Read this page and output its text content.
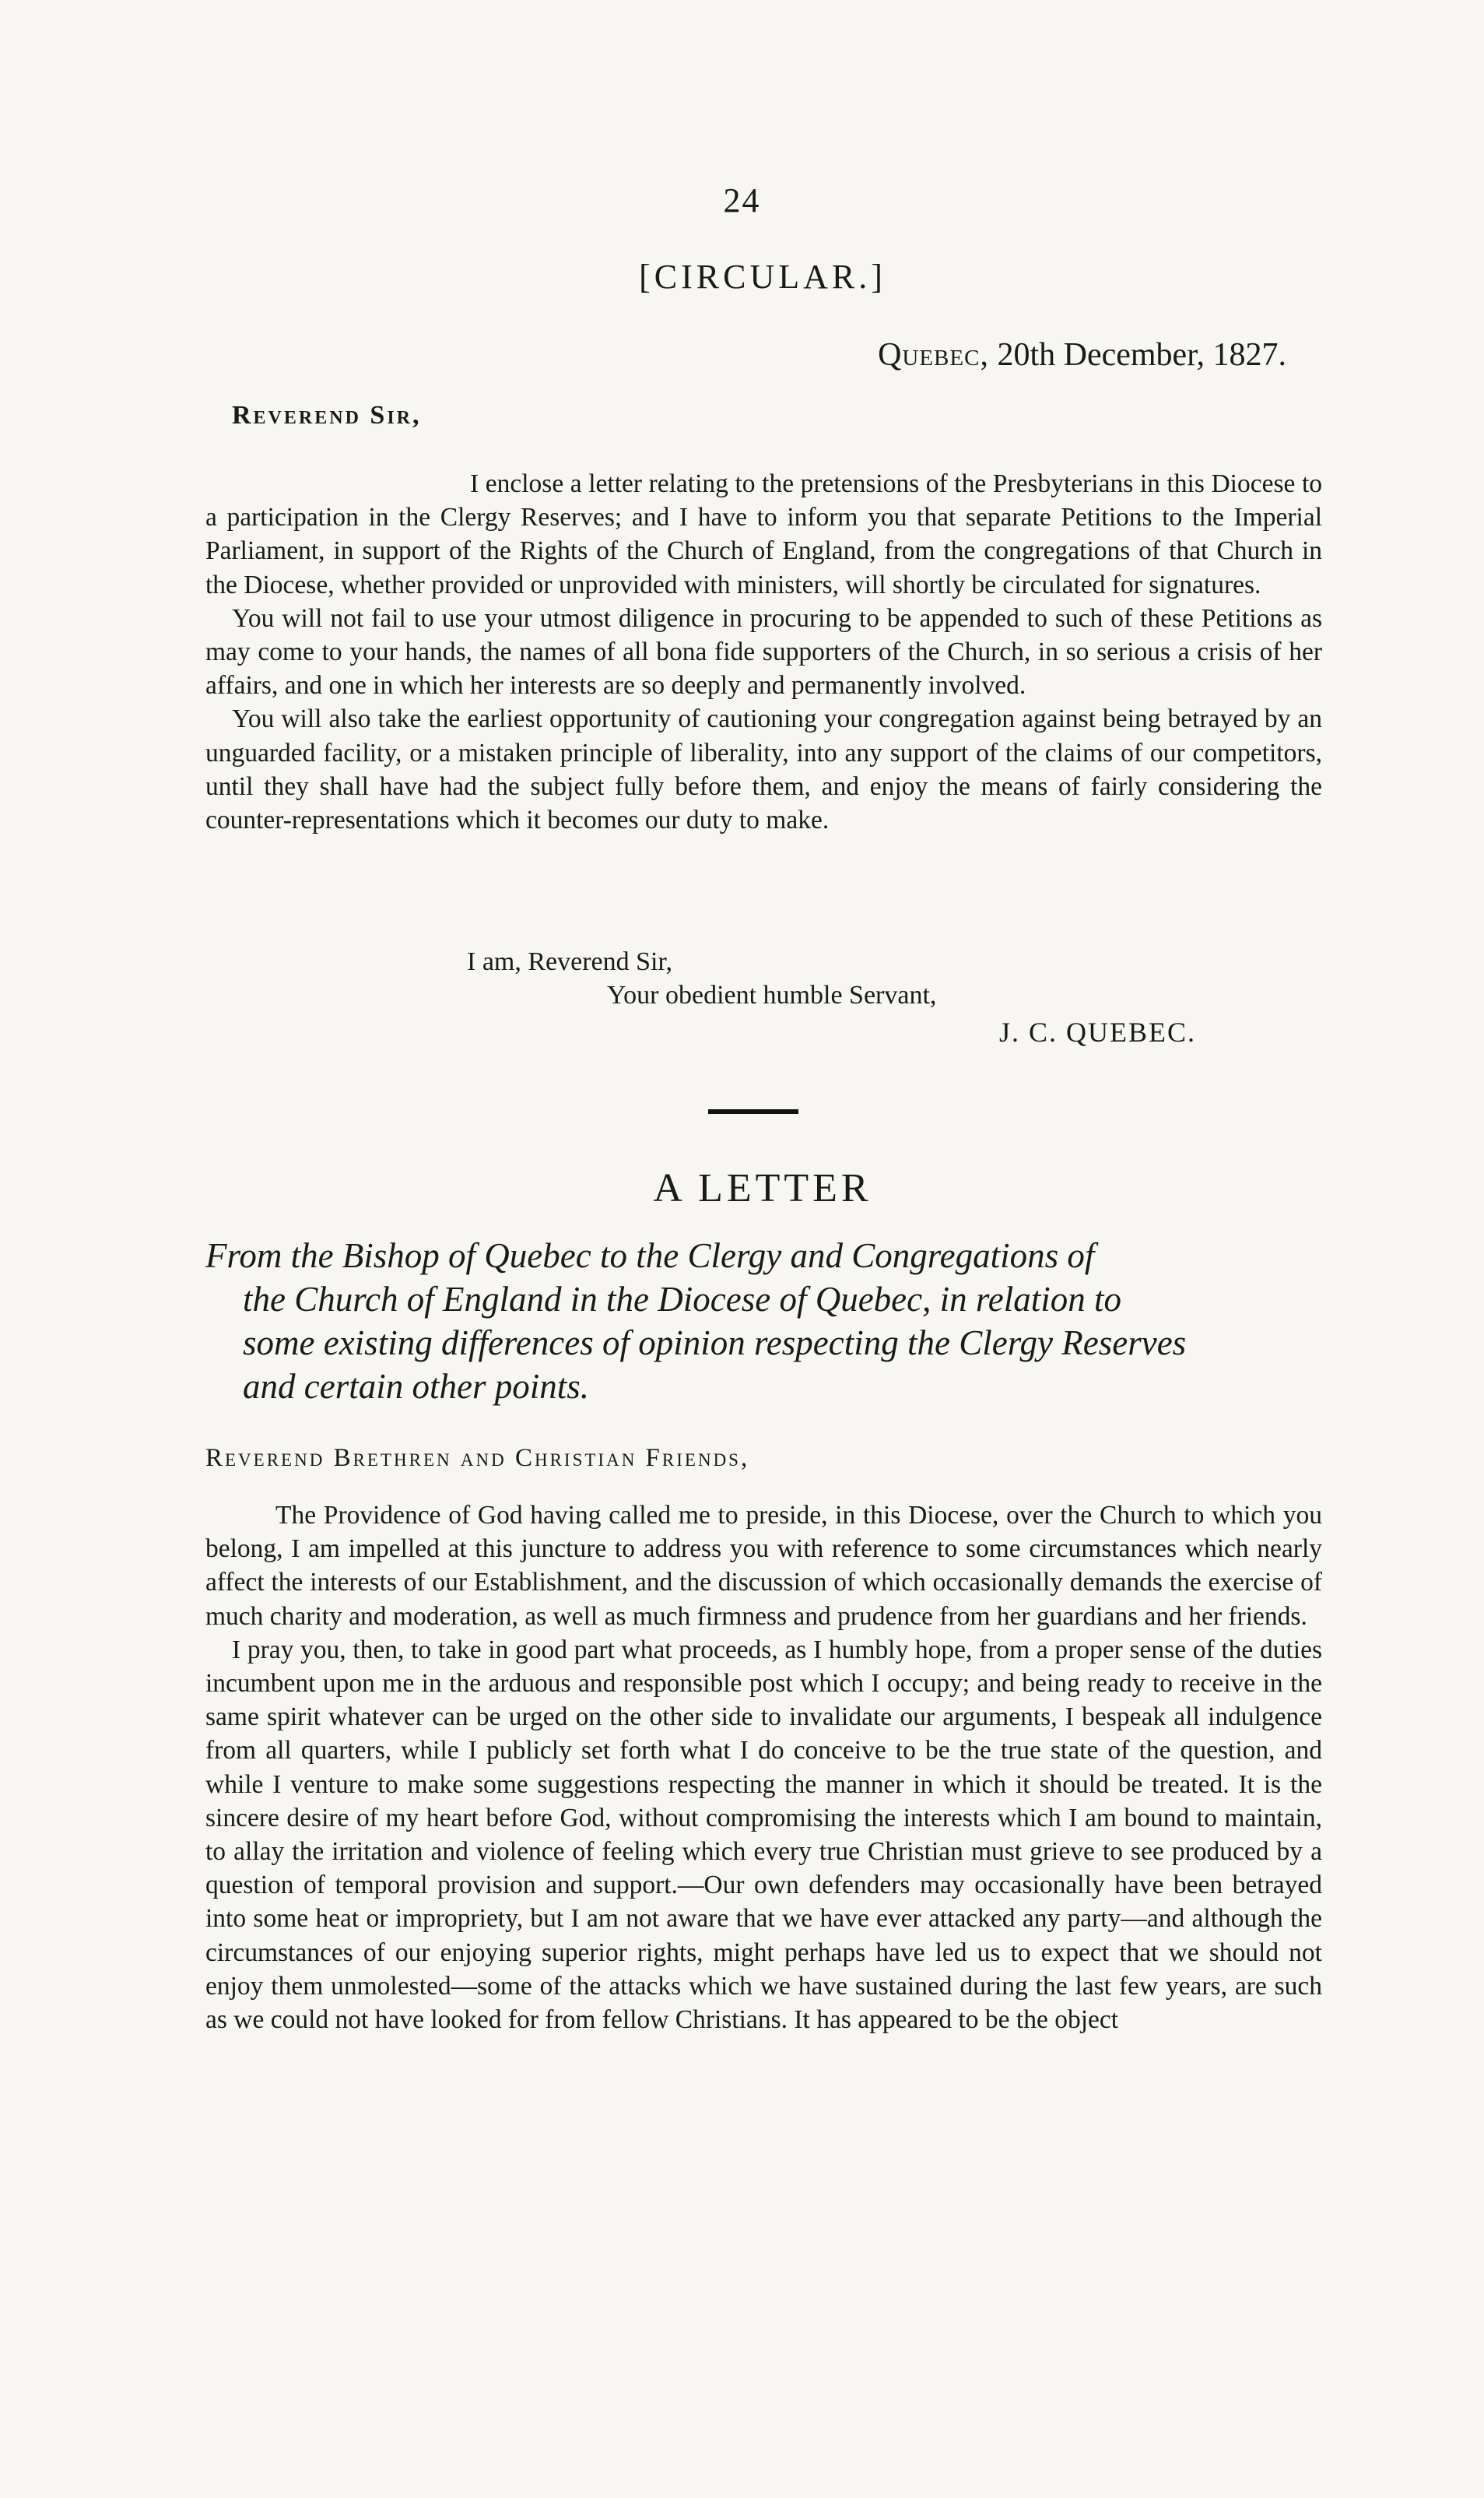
24
[CIRCULAR.]
Quebec, 20th December, 1827.
Reverend Sir,

I enclose a letter relating to the pretensions of the Presbyterians in this Diocese to a participation in the Clergy Reserves; and I have to inform you that separate Petitions to the Imperial Parliament, in support of the Rights of the Church of England, from the congregations of that Church in the Diocese, whether provided or unprovided with ministers, will shortly be circulated for signatures.

You will not fail to use your utmost diligence in procuring to be appended to such of these Petitions as may come to your hands, the names of all bona fide supporters of the Church, in so serious a crisis of her affairs, and one in which her interests are so deeply and permanently involved.

You will also take the earliest opportunity of cautioning your congregation against being betrayed by an unguarded facility, or a mistaken principle of liberality, into any support of the claims of our competitors, until they shall have had the subject fully before them, and enjoy the means of fairly considering the counter-representations which it becomes our duty to make.

I am, Reverend Sir,
Your obedient humble Servant,
J. C. QUEBEC.
A LETTER
From the Bishop of Quebec to the Clergy and Congregations of
the Church of England in the Diocese of Quebec, in relation to
some existing differences of opinion respecting the Clergy Reserves
and certain other points.
Reverend Brethren and Christian Friends,

The Providence of God having called me to preside, in this Diocese, over the Church to which you belong, I am impelled at this juncture to address you with reference to some circumstances which nearly affect the interests of our Establishment, and the discussion of which occasionally demands the exercise of much charity and moderation, as well as much firmness and prudence from her guardians and her friends.

I pray you, then, to take in good part what proceeds, as I humbly hope, from a proper sense of the duties incumbent upon me in the arduous and responsible post which I occupy; and being ready to receive in the same spirit whatever can be urged on the other side to invalidate our arguments, I bespeak all indulgence from all quarters, while I publicly set forth what I do conceive to be the true state of the question, and while I venture to make some suggestions respecting the manner in which it should be treated. It is the sincere desire of my heart before God, without compromising the interests which I am bound to maintain, to allay the irritation and violence of feeling which every true Christian must grieve to see produced by a question of temporal provision and support.—Our own defenders may occasionally have been betrayed into some heat or impropriety, but I am not aware that we have ever attacked any party—and although the circumstances of our enjoying superior rights, might perhaps have led us to expect that we should not enjoy them unmolested—some of the attacks which we have sustained during the last few years, are such as we could not have looked for from fellow Christians. It has appeared to be the object
